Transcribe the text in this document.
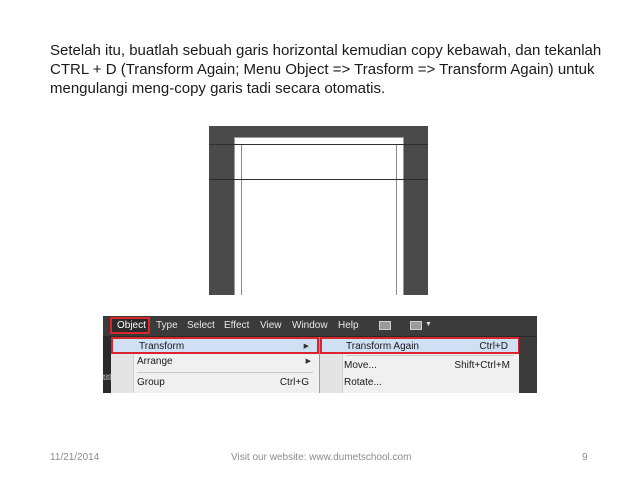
Setelah itu, buatlah sebuah garis horizontal kemudian copy kebawah, dan tekanlah CTRL + D (Transform Again; Menu Object => Trasform => Transform Again) untuk mengulangi meng-copy garis tadi secara otomatis.
Object Type Select Effect View Window Help	▼
titl
Transform	▶
Arrange	▶
Group	Ctrl+G
Transform Again	Ctrl+D
Move...	Shift+Ctrl+M
Rotate...
11/21/2014	Visit our website: www.dumetschool.com	9
